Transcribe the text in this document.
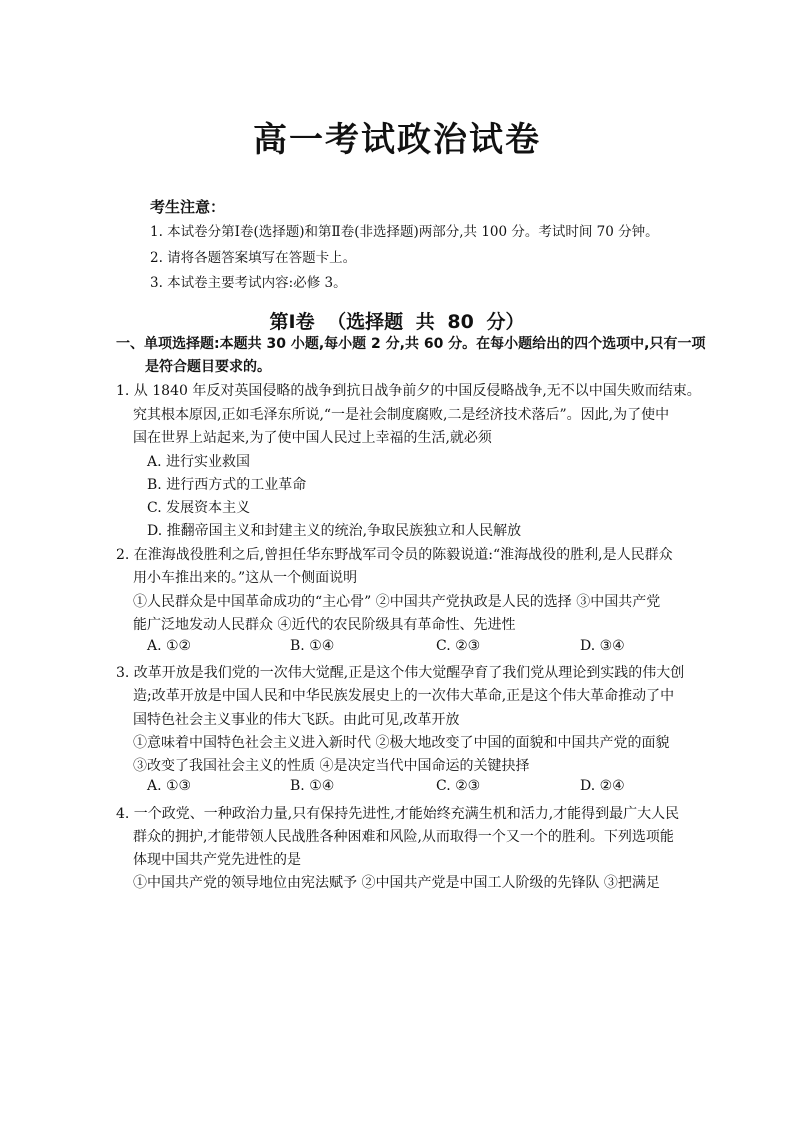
高一考试政治试卷
考生注意：
1. 本试卷分第Ⅰ卷(选择题)和第Ⅱ卷(非选择题)两部分,共 100 分。考试时间 70 分钟。
2. 请将各题答案填写在答题卡上。
3. 本试卷主要考试内容:必修 3。
第Ⅰ卷 （选择题 共 80 分）
一、单项选择题:本题共 30 小题,每小题 2 分,共 60 分。在每小题给出的四个选项中,只有一项
是符合题目要求的。
1. 从 1840 年反对英国侵略的战争到抗日战争前夕的中国反侵略战争,无不以中国失败而结束。
究其根本原因,正如毛泽东所说,“一是社会制度腐败,二是经济技术落后”。因此,为了使中
国在世界上站起来,为了使中国人民过上幸福的生活,就必须
A. 进行实业救国
B. 进行西方式的工业革命
C. 发展资本主义
D. 推翻帝国主义和封建主义的统治,争取民族独立和人民解放
2. 在淮海战役胜利之后,曾担任华东野战军司令员的陈毅说道:“淮海战役的胜利,是人民群众
用小车推出来的。”这从一个侧面说明
①人民群众是中国革命成功的“主心骨” ②中国共产党执政是人民的选择 ③中国共产党
能广泛地发动人民群众 ④近代的农民阶级具有革命性、先进性
A. ①②	B. ①④	C. ②③	D. ③④
3. 改革开放是我们党的一次伟大觉醒,正是这个伟大觉醒孕育了我们党从理论到实践的伟大创
造;改革开放是中国人民和中华民族发展史上的一次伟大革命,正是这个伟大革命推动了中
国特色社会主义事业的伟大飞跃。由此可见,改革开放
①意味着中国特色社会主义进入新时代 ②极大地改变了中国的面貌和中国共产党的面貌
③改变了我国社会主义的性质 ④是决定当代中国命运的关键抉择
A. ①③	B. ①④	C. ②③	D. ②④
4. 一个政党、一种政治力量,只有保持先进性,才能始终充满生机和活力,才能得到最广大人民
群众的拥护,才能带领人民战胜各种困难和风险,从而取得一个又一个的胜利。下列选项能
体现中国共产党先进性的是
①中国共产党的领导地位由宪法赋予 ②中国共产党是中国工人阶级的先锋队 ③把满足
